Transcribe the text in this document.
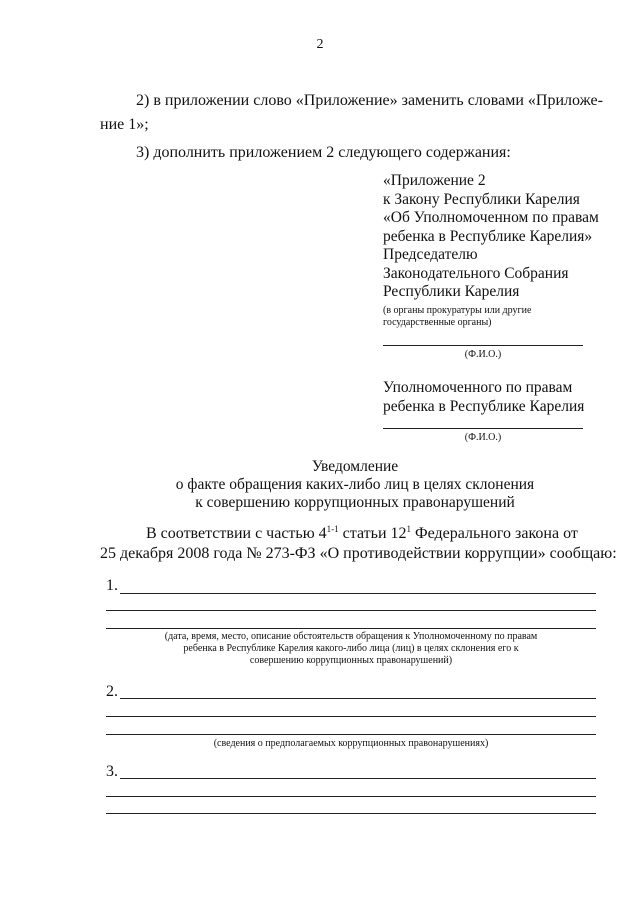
2
2) в приложении слово «Приложение» заменить словами «Приложе-
ние 1»;
3) дополнить приложением 2 следующего содержания:
«Приложение 2
к Закону Республики Карелия
«Об Уполномоченном по правам
ребенка в Республике Карелия»
Председателю
Законодательного Собрания
Республики Карелия
(в органы прокуратуры или другие
государственные органы)
(Ф.И.О.)
Уполномоченного по правам
ребенка в Республике Карелия
(Ф.И.О.)
Уведомление
о факте обращения каких-либо лиц в целях склонения
к совершению коррупционных правонарушений
В соответствии с частью 4$^{1-1}$ статьи $12^1$ Федерального закона от
25 декабря 2008 года № 273-ФЗ «О противодействии коррупции» сообщаю:
1.
(дата, время, место, описание обстоятельств обращения к Уполномоченному по правам
ребенка в Республике Карелия какого-либо лица (лиц) в целях склонения его к
совершению коррупционных правонарушений)
2.
(сведения о предполагаемых коррупционных правонарушениях)
3.
